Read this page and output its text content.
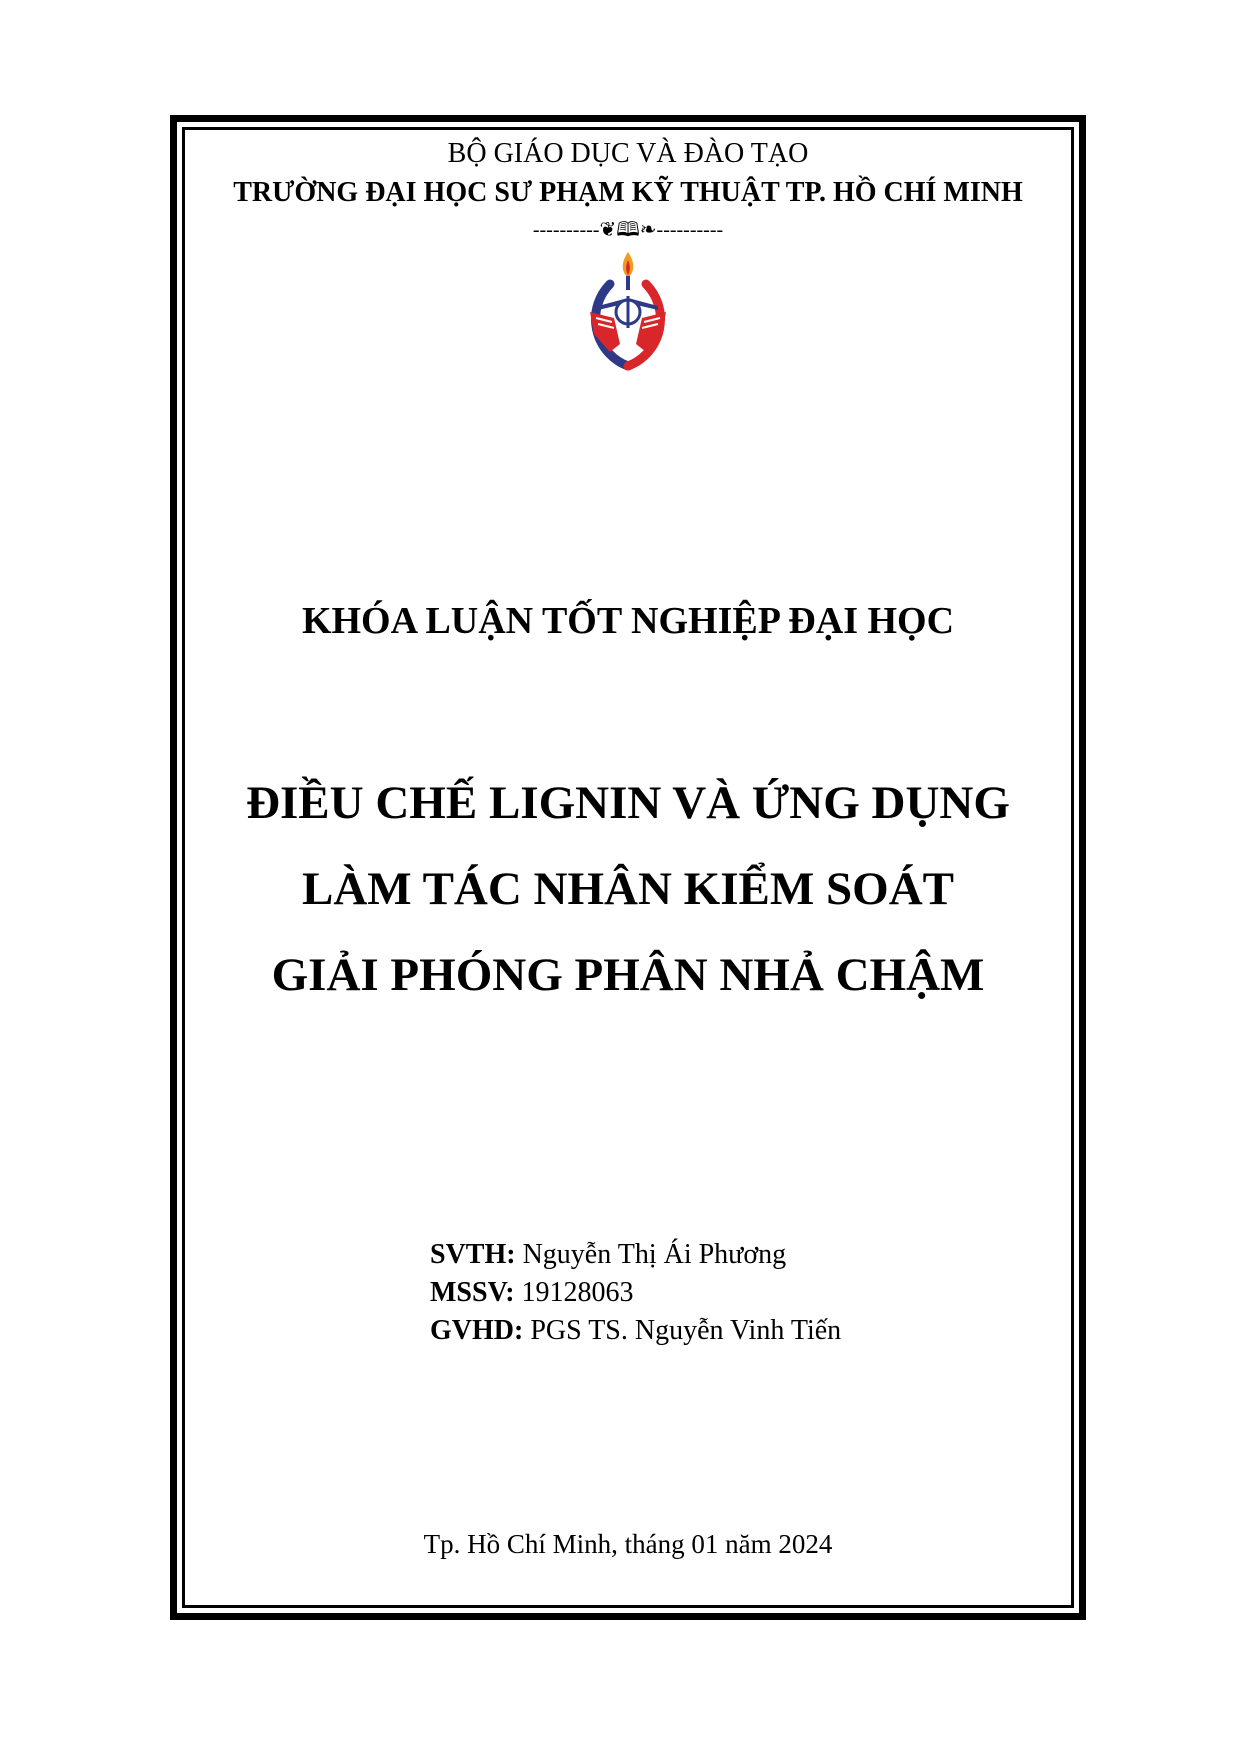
BỘ GIÁO DỤC VÀ ĐÀO TẠO
TRƯỜNG ĐẠI HỌC SƯ PHẠM KỸ THUẬT TP. HỒ CHÍ MINH
----------❦🕮❧----------
KHÓA LUẬN TỐT NGHIỆP ĐẠI HỌC
ĐIỀU CHẾ LIGNIN VÀ ỨNG DỤNG
LÀM TÁC NHÂN KIỂM SOÁT
GIẢI PHÓNG PHÂN NHẢ CHẬM
SVTH: Nguyễn Thị Ái Phương
MSSV: 19128063
GVHD: PGS TS. Nguyễn Vinh Tiến
Tp. Hồ Chí Minh, tháng 01 năm 2024
